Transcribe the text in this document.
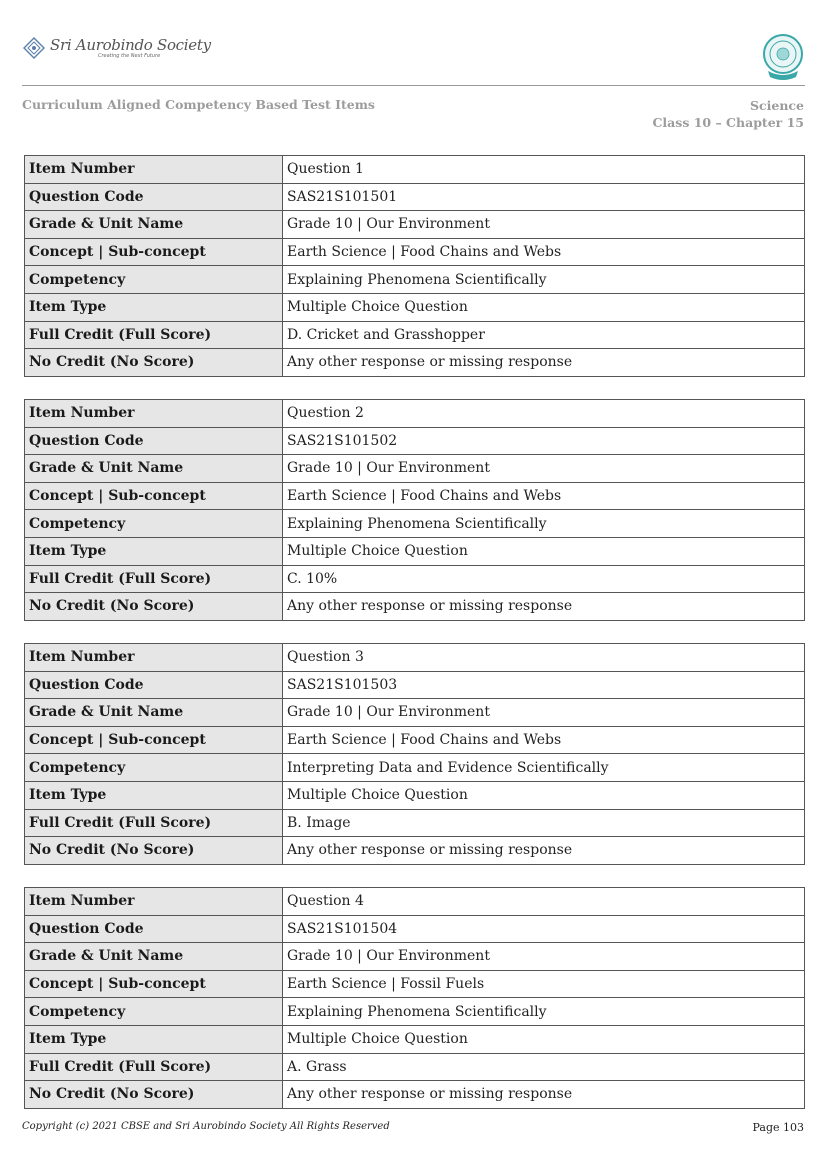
Sri Aurobindo Society
Creating the Next Future
Curriculum Aligned Competency Based Test Items	Science
Class 10 – Chapter 15
Item Number	Question 1
Question Code	SAS21S101501
Grade & Unit Name	Grade 10 | Our Environment
Concept | Sub-concept	Earth Science | Food Chains and Webs
Competency	Explaining Phenomena Scientifically
Item Type	Multiple Choice Question
Full Credit (Full Score)	D. Cricket and Grasshopper
No Credit (No Score)	Any other response or missing response
Item Number	Question 2
Question Code	SAS21S101502
Grade & Unit Name	Grade 10 | Our Environment
Concept | Sub-concept	Earth Science | Food Chains and Webs
Competency	Explaining Phenomena Scientifically
Item Type	Multiple Choice Question
Full Credit (Full Score)	C. 10%
No Credit (No Score)	Any other response or missing response
Item Number	Question 3
Question Code	SAS21S101503
Grade & Unit Name	Grade 10 | Our Environment
Concept | Sub-concept	Earth Science | Food Chains and Webs
Competency	Interpreting Data and Evidence Scientifically
Item Type	Multiple Choice Question
Full Credit (Full Score)	B. Image
No Credit (No Score)	Any other response or missing response
Item Number	Question 4
Question Code	SAS21S101504
Grade & Unit Name	Grade 10 | Our Environment
Concept | Sub-concept	Earth Science | Fossil Fuels
Competency	Explaining Phenomena Scientifically
Item Type	Multiple Choice Question
Full Credit (Full Score)	A. Grass
No Credit (No Score)	Any other response or missing response
Copyright (c) 2021 CBSE and Sri Aurobindo Society All Rights Reserved	Page 103
